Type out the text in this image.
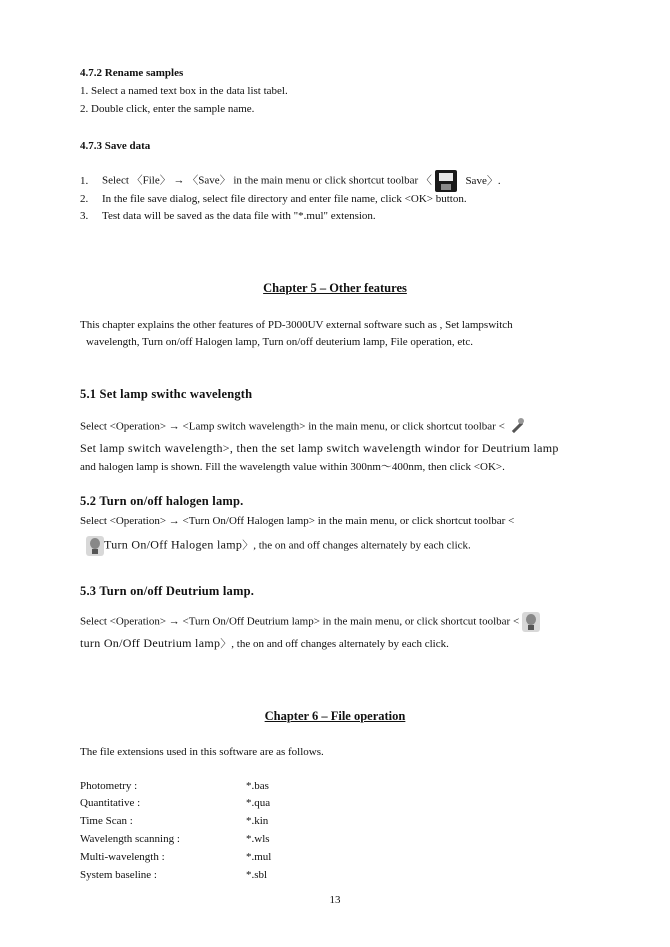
4.7.2 Rename samples
1. Select a named text box in the data list tabel.
2. Double click, enter the sample name.
4.7.3 Save data
1. Select 〈File〉 → 〈Save〉 in the main menu or click shortcut toolbar 〈	Save〉.
2. In the file save dialog, select file directory and enter file name, click <OK> button.
3. Test data will be saved as the data file with "*.mul" extension.
Chapter 5 – Other features
This chapter explains the other features of PD-3000UV external software such as , Set lampswitch
wavelength, Turn on/off Halogen lamp, Turn on/off deuterium lamp, File operation, etc.
5.1 Set lamp swithc wavelength
Select <Operation> → <Lamp switch wavelength> in the main menu, or click shortcut toolbar <
Set lamp switch wavelength>, then the set lamp switch wavelength windor for Deutrium lamp
and halogen lamp is shown. Fill the wavelength value within 300nm～400nm, then click <OK>.
5.2 Turn on/off halogen lamp.
Select <Operation> → <Turn On/Off Halogen lamp> in the main menu, or click shortcut toolbar <
Turn On/Off Halogen lamp〉, the on and off changes alternately by each click.
5.3 Turn on/off Deutrium lamp.
Select <Operation> → <Turn On/Off Deutrium lamp> in the main menu, or click shortcut toolbar <
turn On/Off Deutrium lamp〉, the on and off changes alternately by each click.
Chapter 6 – File operation
The file extensions used in this software are as follows.
Photometry :	*.bas
Quantitative :	*.qua
Time Scan :	*.kin
Wavelength scanning :	*.wls
Multi-wavelength :	*.mul
System baseline :	*.sbl
13
